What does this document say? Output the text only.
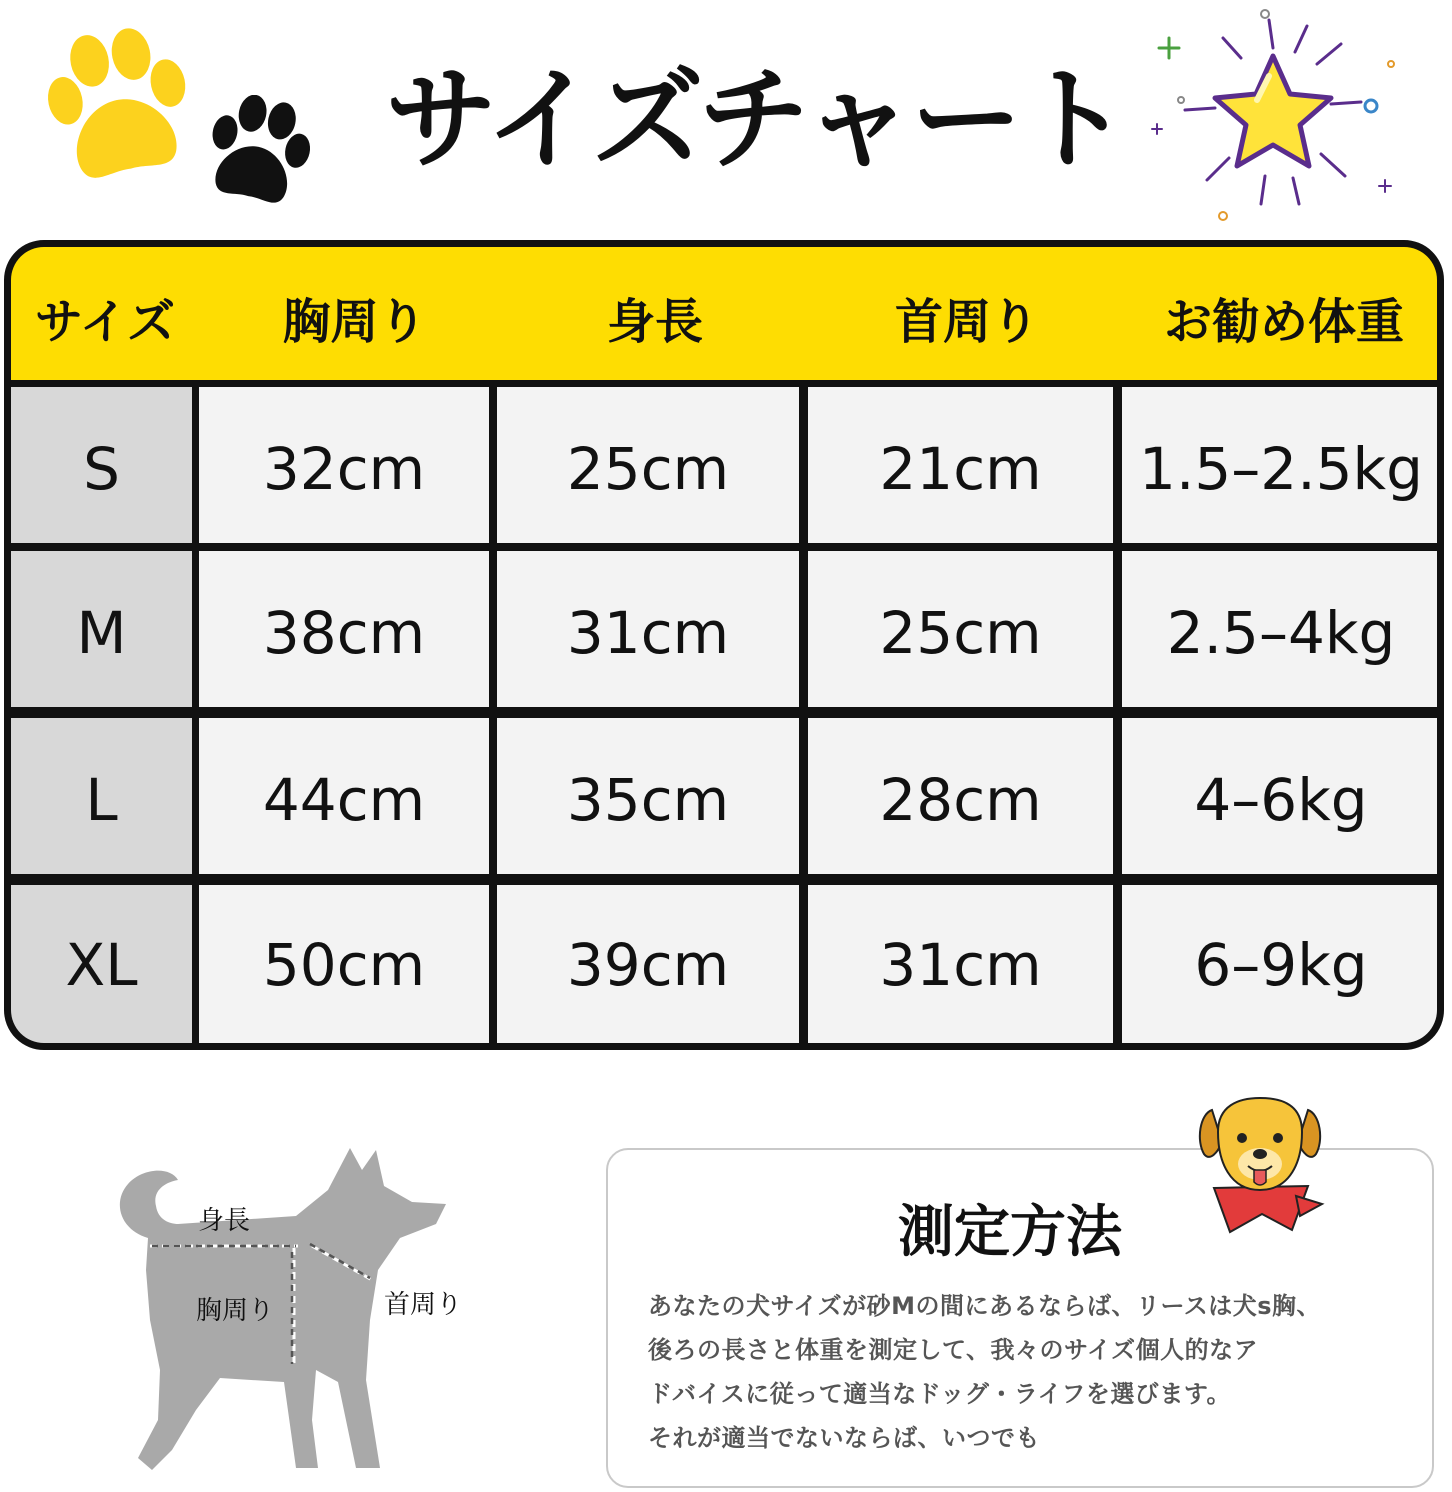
サイズチャート
サイズ	胸周り	身長	首周り	お勧め体重
S	32cm	25cm	21cm	1.5–2.5kg
M	38cm	31cm	25cm	2.5–4kg
L	44cm	35cm	28cm	4–6kg
XL	50cm	39cm	31cm	6–9kg
身長
胸周り	首周り
測定方法
あなたの犬サイズが砂Mの間にあるならば、リースは犬s胸、
後ろの長さと体重を測定して、我々のサイズ個人的なア
ドバイスに従って適当なドッグ・ライフを選びます。
それが適当でないならば、いつでも
